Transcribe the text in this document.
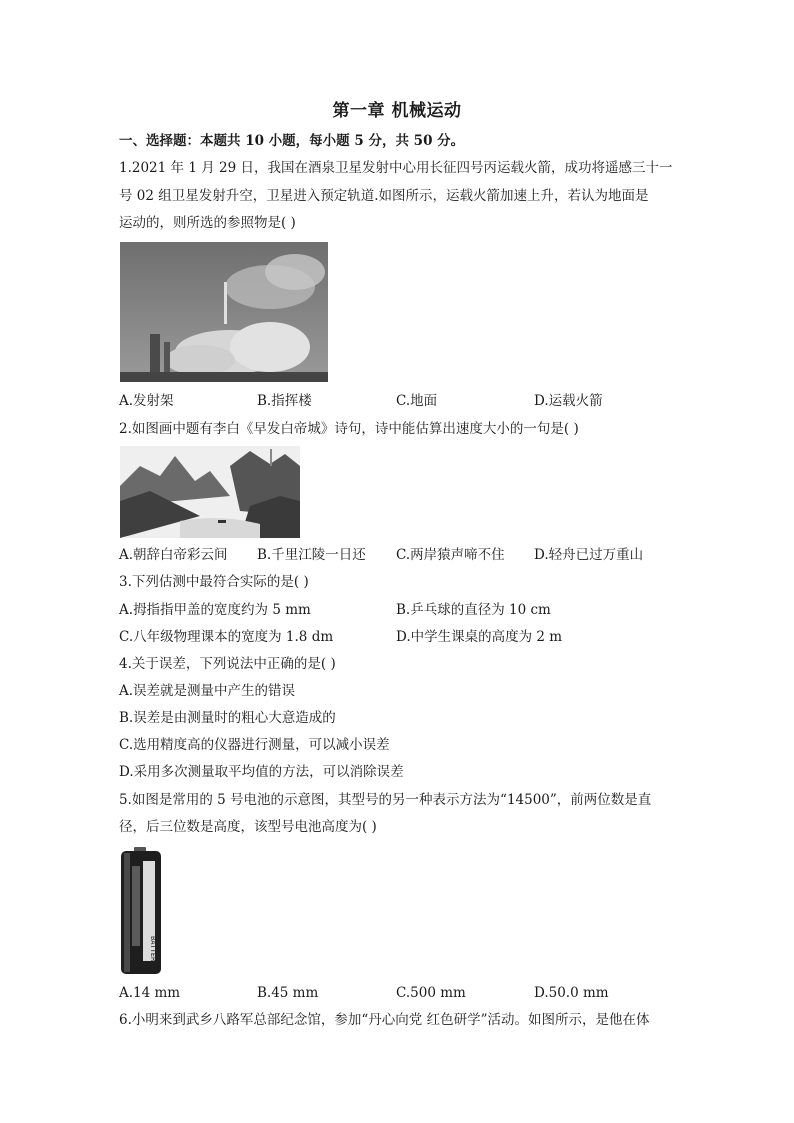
第一章 机械运动
一、选择题：本题共 10 小题，每小题 5 分，共 50 分。
1.2021 年 1 月 29 日，我国在酒泉卫星发射中心用长征四号丙运载火箭，成功将遥感三十一
号 02 组卫星发射升空，卫星进入预定轨道.如图所示，运载火箭加速上升，若认为地面是
运动的，则所选的参照物是( )
A.发射架	B.指挥楼	C.地面	D.运载火箭
2.如图画中题有李白《早发白帝城》诗句，诗中能估算出速度大小的一句是( )
A.朝辞白帝彩云间 B.千里江陵一日还 C.两岸猿声啼不住 D.轻舟已过万重山
3.下列估测中最符合实际的是( )
A.拇指指甲盖的宽度约为 5 mm	B.乒乓球的直径为 10 cm
C.八年级物理课本的宽度为 1.8 dm	D.中学生课桌的高度为 2 m
4.关于误差，下列说法中正确的是( )
A.误差就是测量中产生的错误
B.误差是由测量时的粗心大意造成的
C.选用精度高的仪器进行测量，可以减小误差
D.采用多次测量取平均值的方法，可以消除误差
5.如图是常用的 5 号电池的示意图，其型号的另一种表示方法为“14500”，前两位数是直
径，后三位数是高度，该型号电池高度为( )
BATTERY
A.14 mm	B.45 mm	C.500 mm	D.50.0 mm
6.小明来到武乡八路军总部纪念馆，参加“丹心向党 红色研学”活动。如图所示，是他在体
